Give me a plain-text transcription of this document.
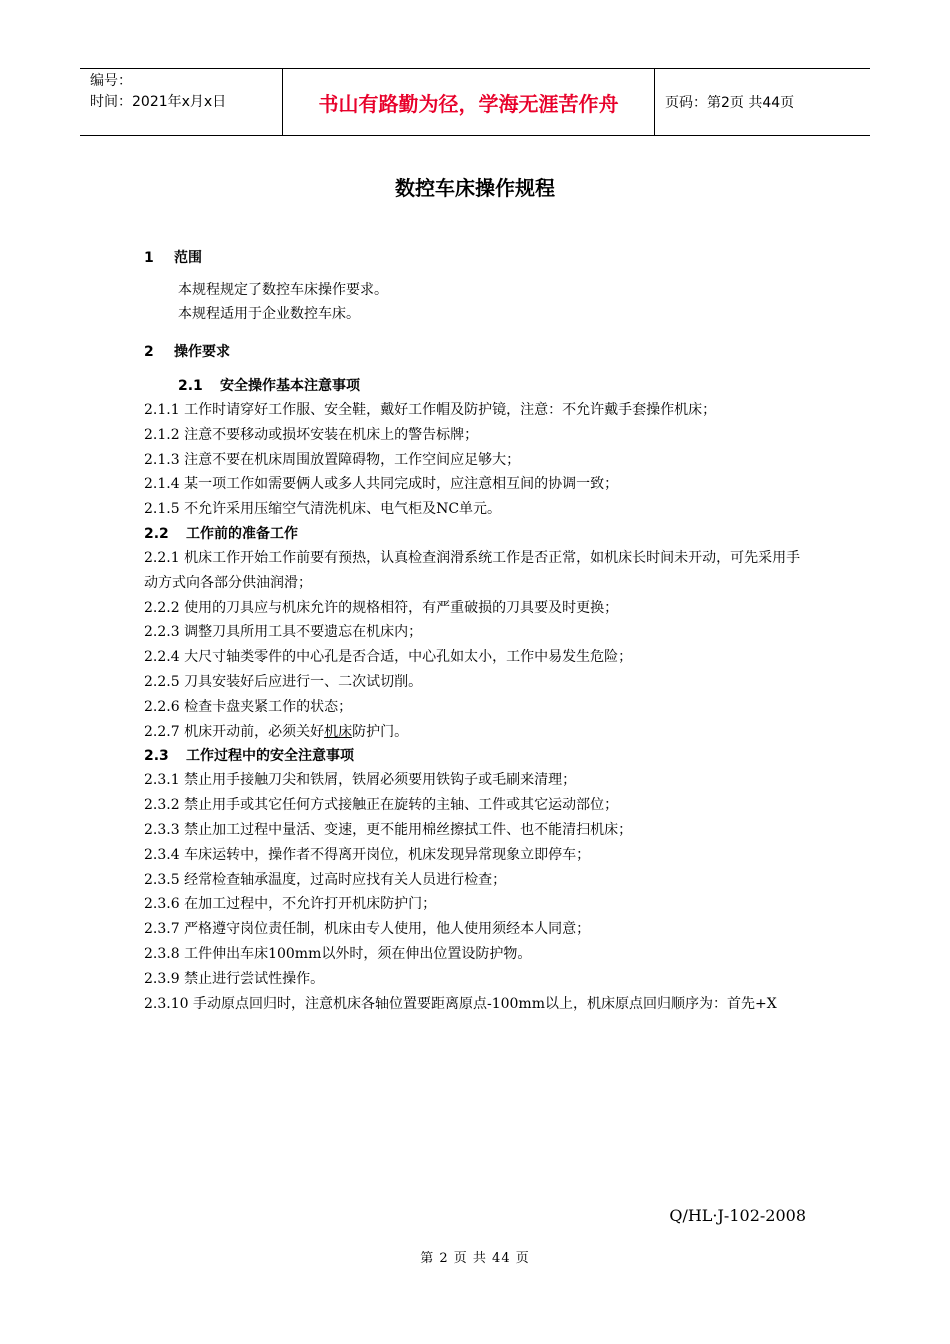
编号：
时间：2021年x月x日	书山有路勤为径，学海无涯苦作舟	页码：第2页 共44页
数控车床操作规程

1 范围

本规程规定了数控车床操作要求。

本规程适用于企业数控车床。

2 操作要求

2.1 安全操作基本注意事项

2.1.1 工作时请穿好工作服、安全鞋，戴好工作帽及防护镜，注意：不允许戴手套操作机床；

2.1.2 注意不要移动或损坏安装在机床上的警告标牌；

2.1.3 注意不要在机床周围放置障碍物，工作空间应足够大；

2.1.4 某一项工作如需要俩人或多人共同完成时，应注意相互间的协调一致；

2.1.5 不允许采用压缩空气清洗机床、电气柜及NC单元。

2.2 工作前的准备工作

2.2.1 机床工作开始工作前要有预热，认真检查润滑系统工作是否正常，如机床长时间未开动，可先采用手动方式向各部分供油润滑；

2.2.2 使用的刀具应与机床允许的规格相符，有严重破损的刀具要及时更换；

2.2.3 调整刀具所用工具不要遗忘在机床内；

2.2.4 大尺寸轴类零件的中心孔是否合适，中心孔如太小，工作中易发生危险；

2.2.5 刀具安装好后应进行一、二次试切削。

2.2.6 检查卡盘夹紧工作的状态；

2.2.7 机床开动前，必须关好机床防护门。

2.3 工作过程中的安全注意事项

2.3.1 禁止用手接触刀尖和铁屑，铁屑必须要用铁钩子或毛刷来清理；

2.3.2 禁止用手或其它任何方式接触正在旋转的主轴、工件或其它运动部位；

2.3.3 禁止加工过程中量活、变速，更不能用棉丝擦拭工件、也不能清扫机床；

2.3.4 车床运转中，操作者不得离开岗位，机床发现异常现象立即停车；

2.3.5 经常检查轴承温度，过高时应找有关人员进行检查；

2.3.6 在加工过程中，不允许打开机床防护门；

2.3.7 严格遵守岗位责任制，机床由专人使用，他人使用须经本人同意；

2.3.8 工件伸出车床100mm以外时，须在伸出位置设防护物。

2.3.9 禁止进行尝试性操作。

2.3.10 手动原点回归时，注意机床各轴位置要距离原点-100mm以上，机床原点回归顺序为：首先+X

Q/HL·J-102-2008
第 2 页 共 44 页
